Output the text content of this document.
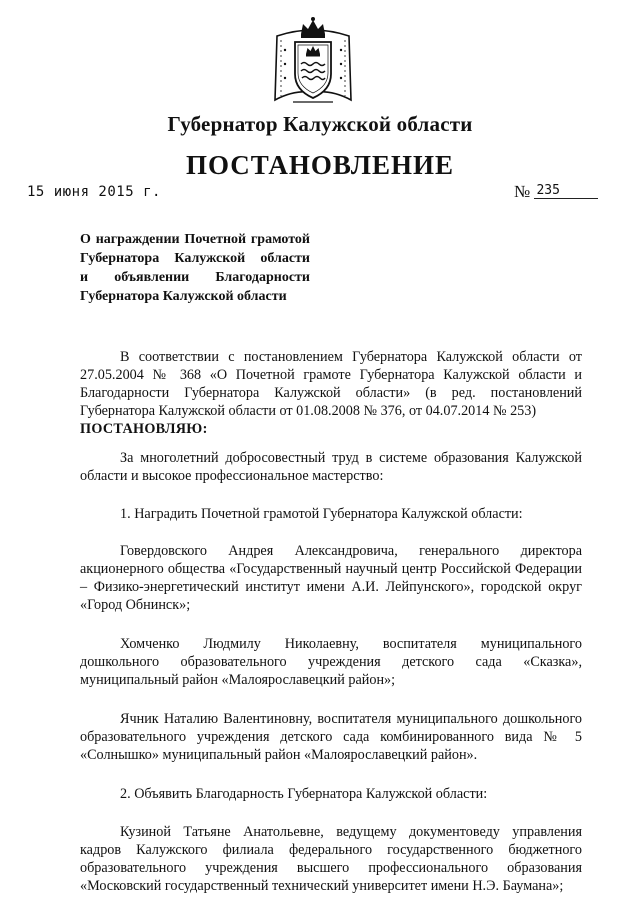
Губернатор Калужской области
ПОСТАНОВЛЕНИЕ
15 июня 2015 г.	№ 235
О награждении Почетной грамотой
Губернатора Калужской области
и объявлении Благодарности
Губернатора Калужской области

В соответствии с постановлением Губернатора Калужской области от 27.05.2004 № 368 «О Почетной грамоте Губернатора Калужской области и Благодарности Губернатора Калужской области» (в ред. постановлений Губернатора Калужской области от 01.08.2008 № 376, от 04.07.2014 № 253)

ПОСТАНОВЛЯЮ:

За многолетний добросовестный труд в системе образования Калужской области и высокое профессиональное мастерство:

1. Наградить Почетной грамотой Губернатора Калужской области:

Говердовского Андрея Александровича, генерального директора акционерного общества «Государственный научный центр Российской Федерации – Физико-энергетический институт имени А.И. Лейпунского», городской округ «Город Обнинск»;

Хомченко Людмилу Николаевну, воспитателя муниципального дошкольного образовательного учреждения детского сада «Сказка», муниципальный район «Малоярославецкий район»;

Ячник Наталию Валентиновну, воспитателя муниципального дошкольного образовательного учреждения детского сада комбинированного вида № 5 «Солнышко» муниципальный район «Малоярославецкий район».

2. Объявить Благодарность Губернатора Калужской области:

Кузиной Татьяне Анатольевне, ведущему документоведу управления кадров Калужского филиала федерального государственного бюджетного образовательного учреждения высшего профессионального образования «Московский государственный технический университет имени Н.Э. Баумана»;
